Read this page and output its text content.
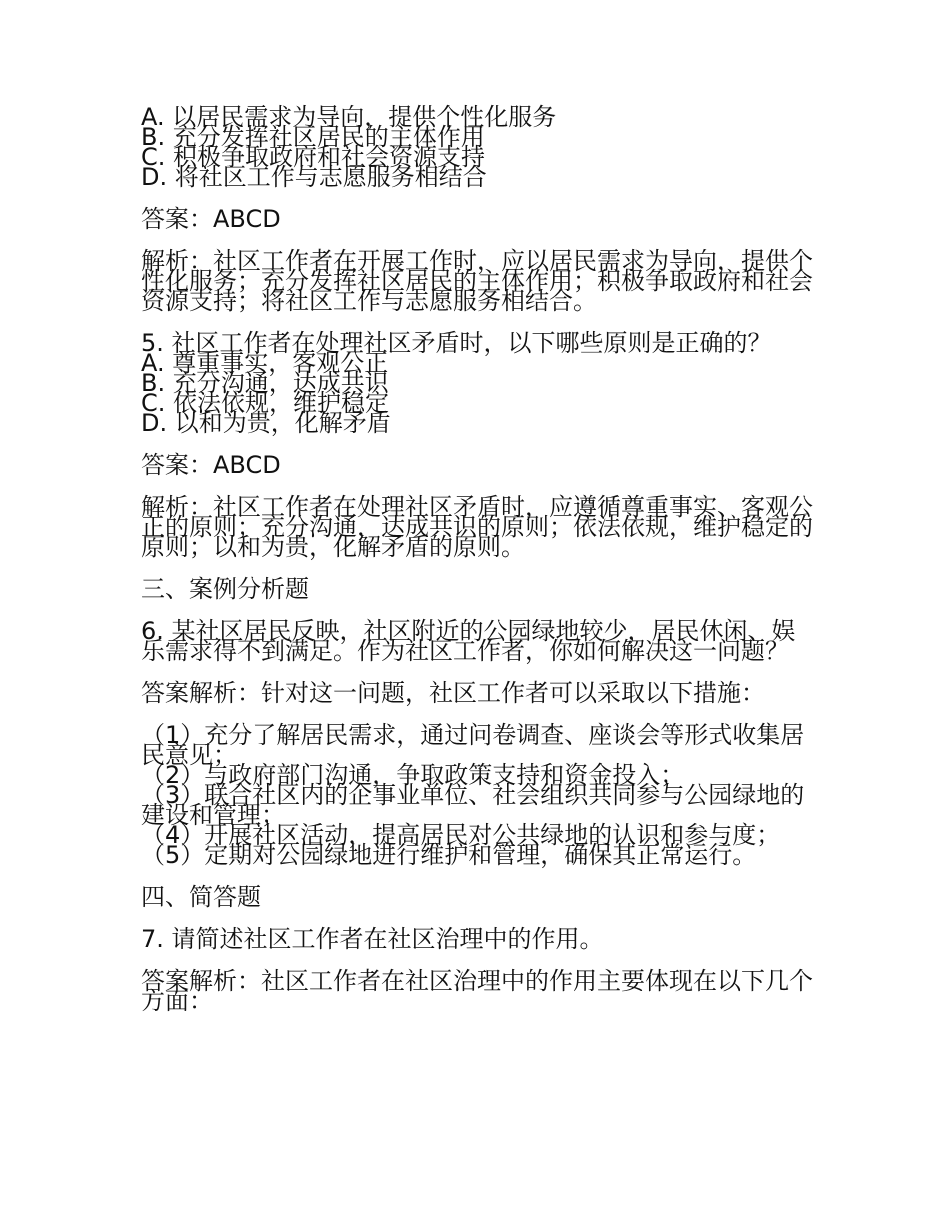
A. 以居民需求为导向，提供个性化服务
B. 充分发挥社区居民的主体作用
C. 积极争取政府和社会资源支持
D. 将社区工作与志愿服务相结合
答案：ABCD
解析：社区工作者在开展工作时，应以居民需求为导向，提供个性化服务；充分发挥社区居民的主体作用；积极争取政府和社会资源支持；将社区工作与志愿服务相结合。
5. 社区工作者在处理社区矛盾时，以下哪些原则是正确的？
A. 尊重事实，客观公正
B. 充分沟通，达成共识
C. 依法依规，维护稳定
D. 以和为贵，化解矛盾
答案：ABCD
解析：社区工作者在处理社区矛盾时，应遵循尊重事实、客观公正的原则；充分沟通，达成共识的原则；依法依规，维护稳定的原则；以和为贵，化解矛盾的原则。
三、案例分析题
6. 某社区居民反映，社区附近的公园绿地较少，居民休闲、娱乐需求得不到满足。作为社区工作者，你如何解决这一问题？
答案解析：针对这一问题，社区工作者可以采取以下措施：
（1）充分了解居民需求，通过问卷调查、座谈会等形式收集居民意见；
（2）与政府部门沟通，争取政策支持和资金投入；
（3）联合社区内的企事业单位、社会组织共同参与公园绿地的建设和管理；
（4）开展社区活动，提高居民对公共绿地的认识和参与度；
（5）定期对公园绿地进行维护和管理，确保其正常运行。
四、简答题
7. 请简述社区工作者在社区治理中的作用。
答案解析：社区工作者在社区治理中的作用主要体现在以下几个方面：
